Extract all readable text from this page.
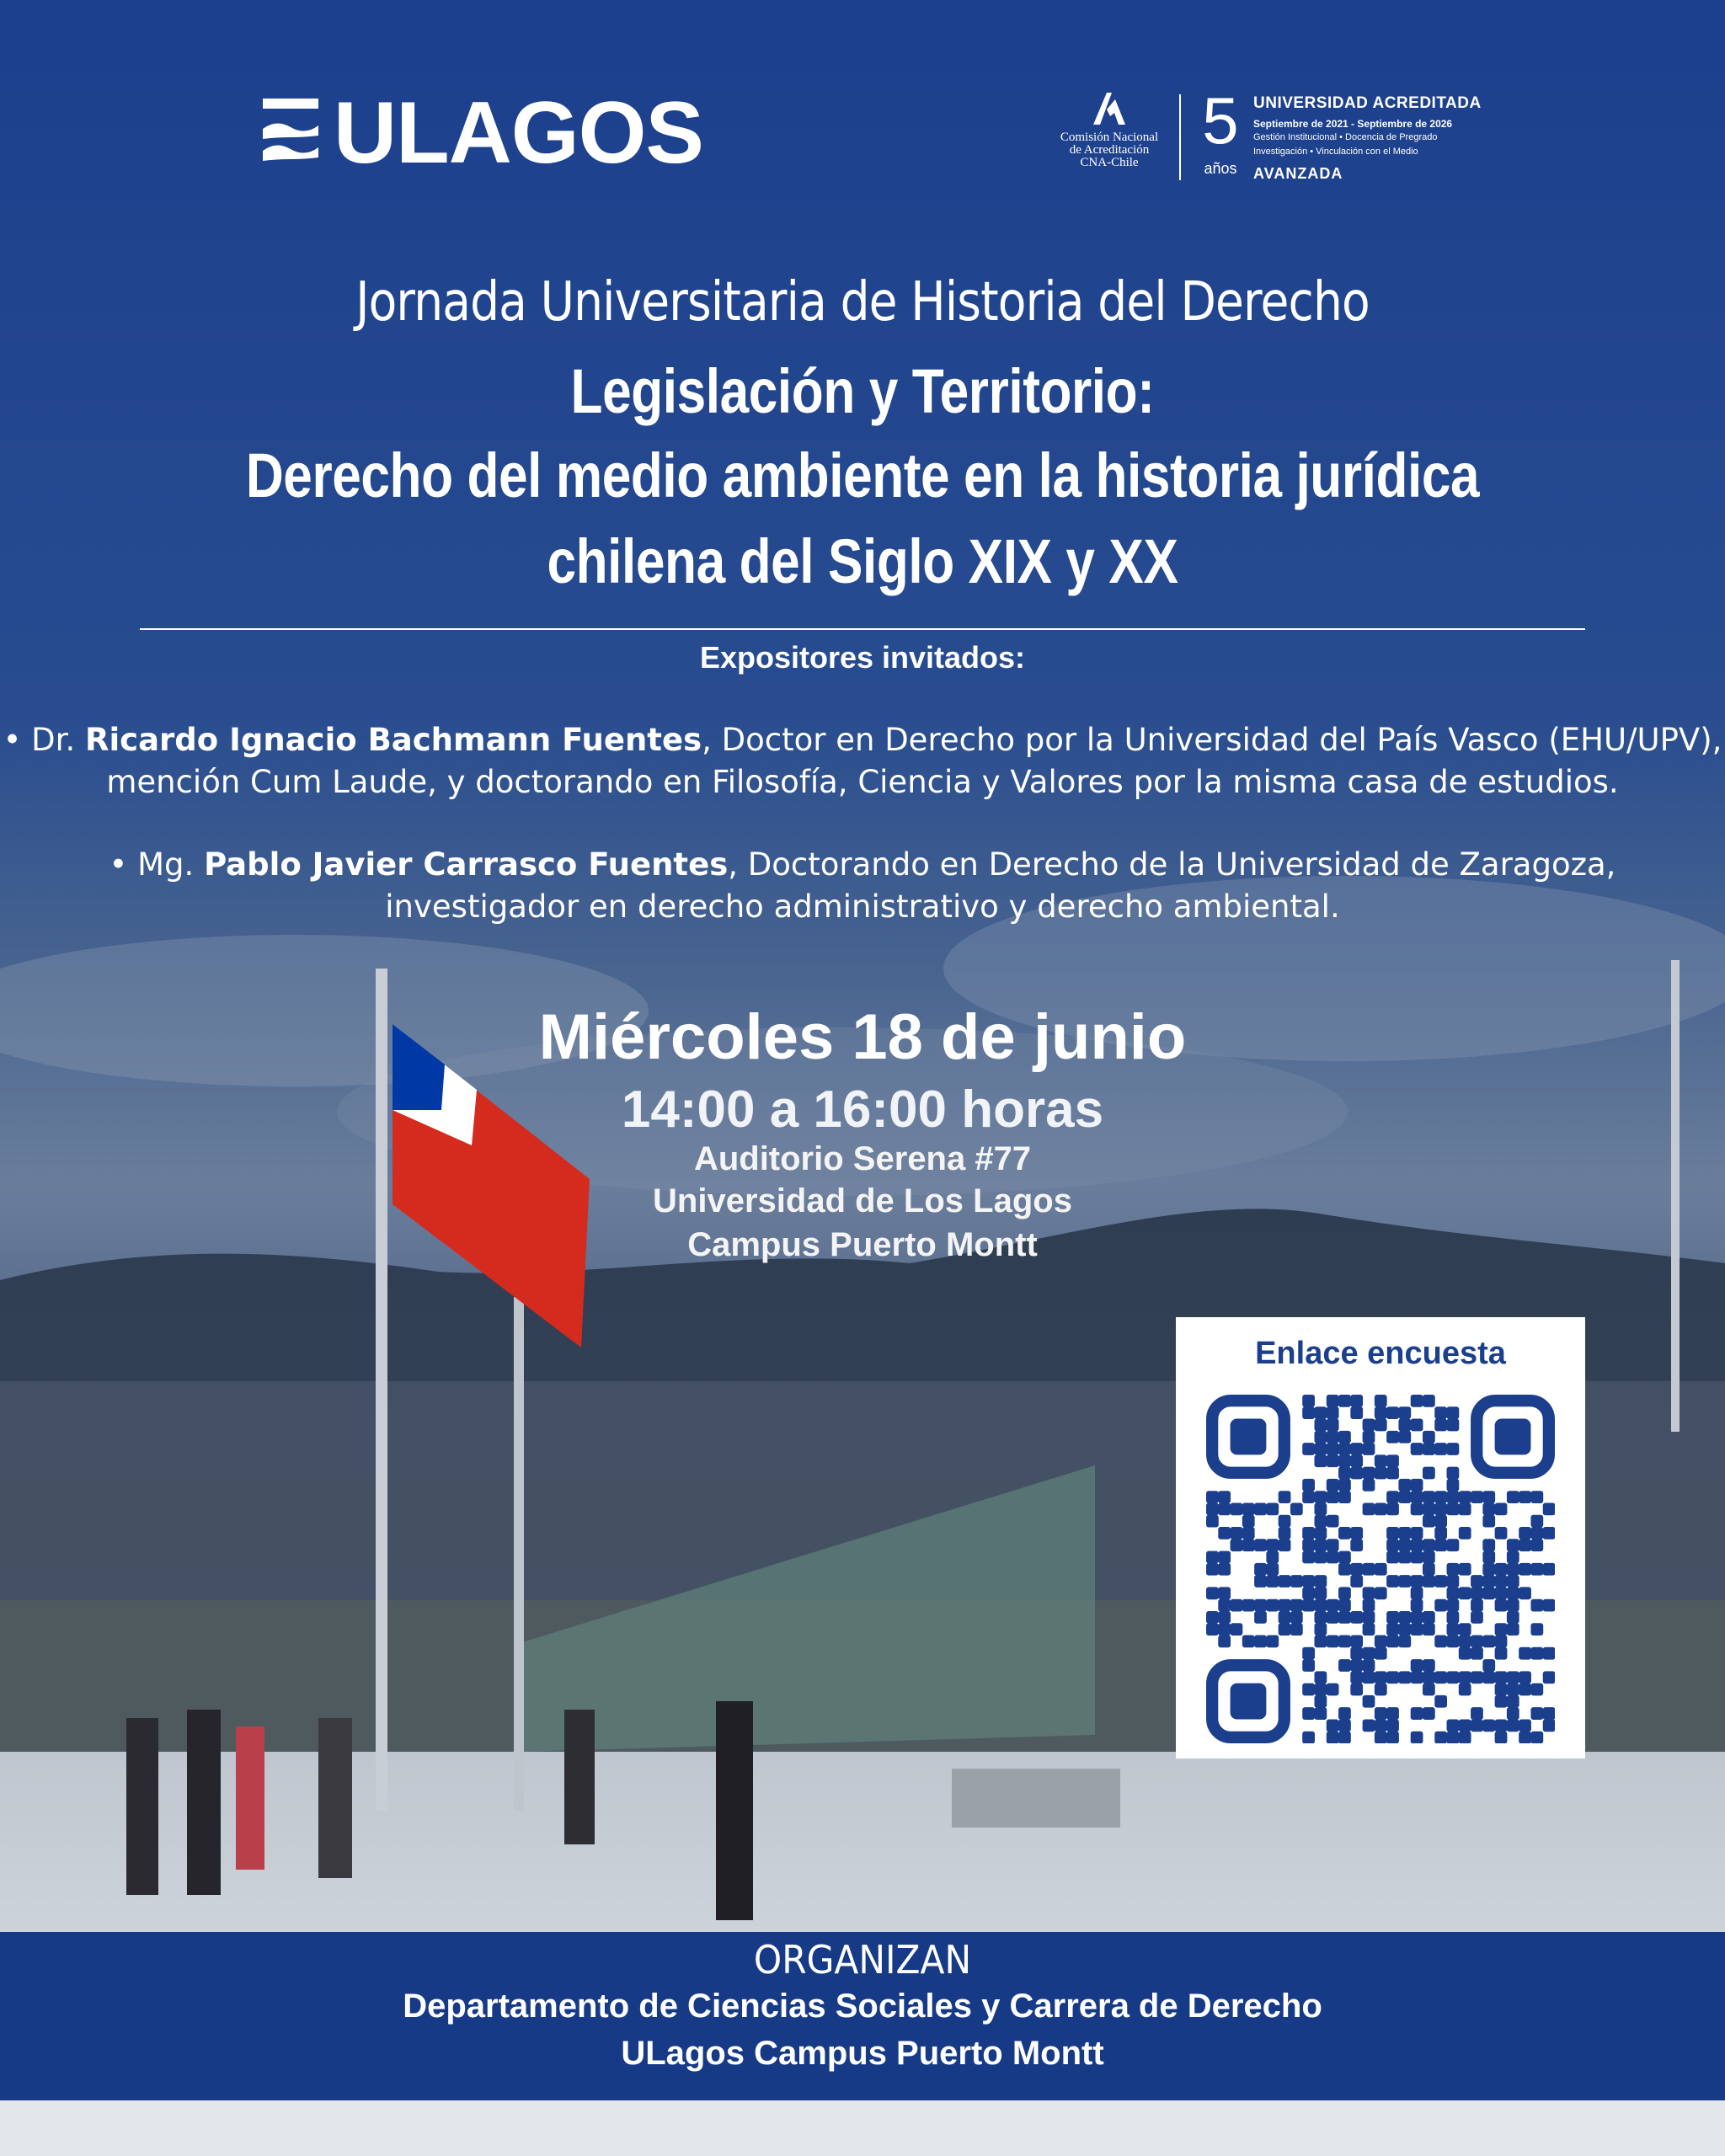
ULAGOS	Comisión Nacional
de Acreditación
CNA-Chile
5
años
UNIVERSIDAD ACREDITADA
Septiembre de 2021 - Septiembre de 2026
Gestión Institucional • Docencia de Pregrado
Investigación • Vinculación con el Medio
AVANZADA
Jornada Universitaria de Historia del Derecho
Legislación y Territorio:
Derecho del medio ambiente en la historia jurídica
chilena del Siglo XIX y XX
Expositores invitados:
• Dr. Ricardo Ignacio Bachmann Fuentes, Doctor en Derecho por la Universidad del País Vasco (EHU/UPV),
mención Cum Laude, y doctorando en Filosofía, Ciencia y Valores por la misma casa de estudios.
• Mg. Pablo Javier Carrasco Fuentes, Doctorando en Derecho de la Universidad de Zaragoza,
investigador en derecho administrativo y derecho ambiental.
Miércoles 18 de junio
14:00 a 16:00 horas
Auditorio Serena #77
Universidad de Los Lagos
Campus Puerto Montt
Enlace encuesta
ORGANIZAN
Departamento de Ciencias Sociales y Carrera de Derecho
ULagos Campus Puerto Montt
